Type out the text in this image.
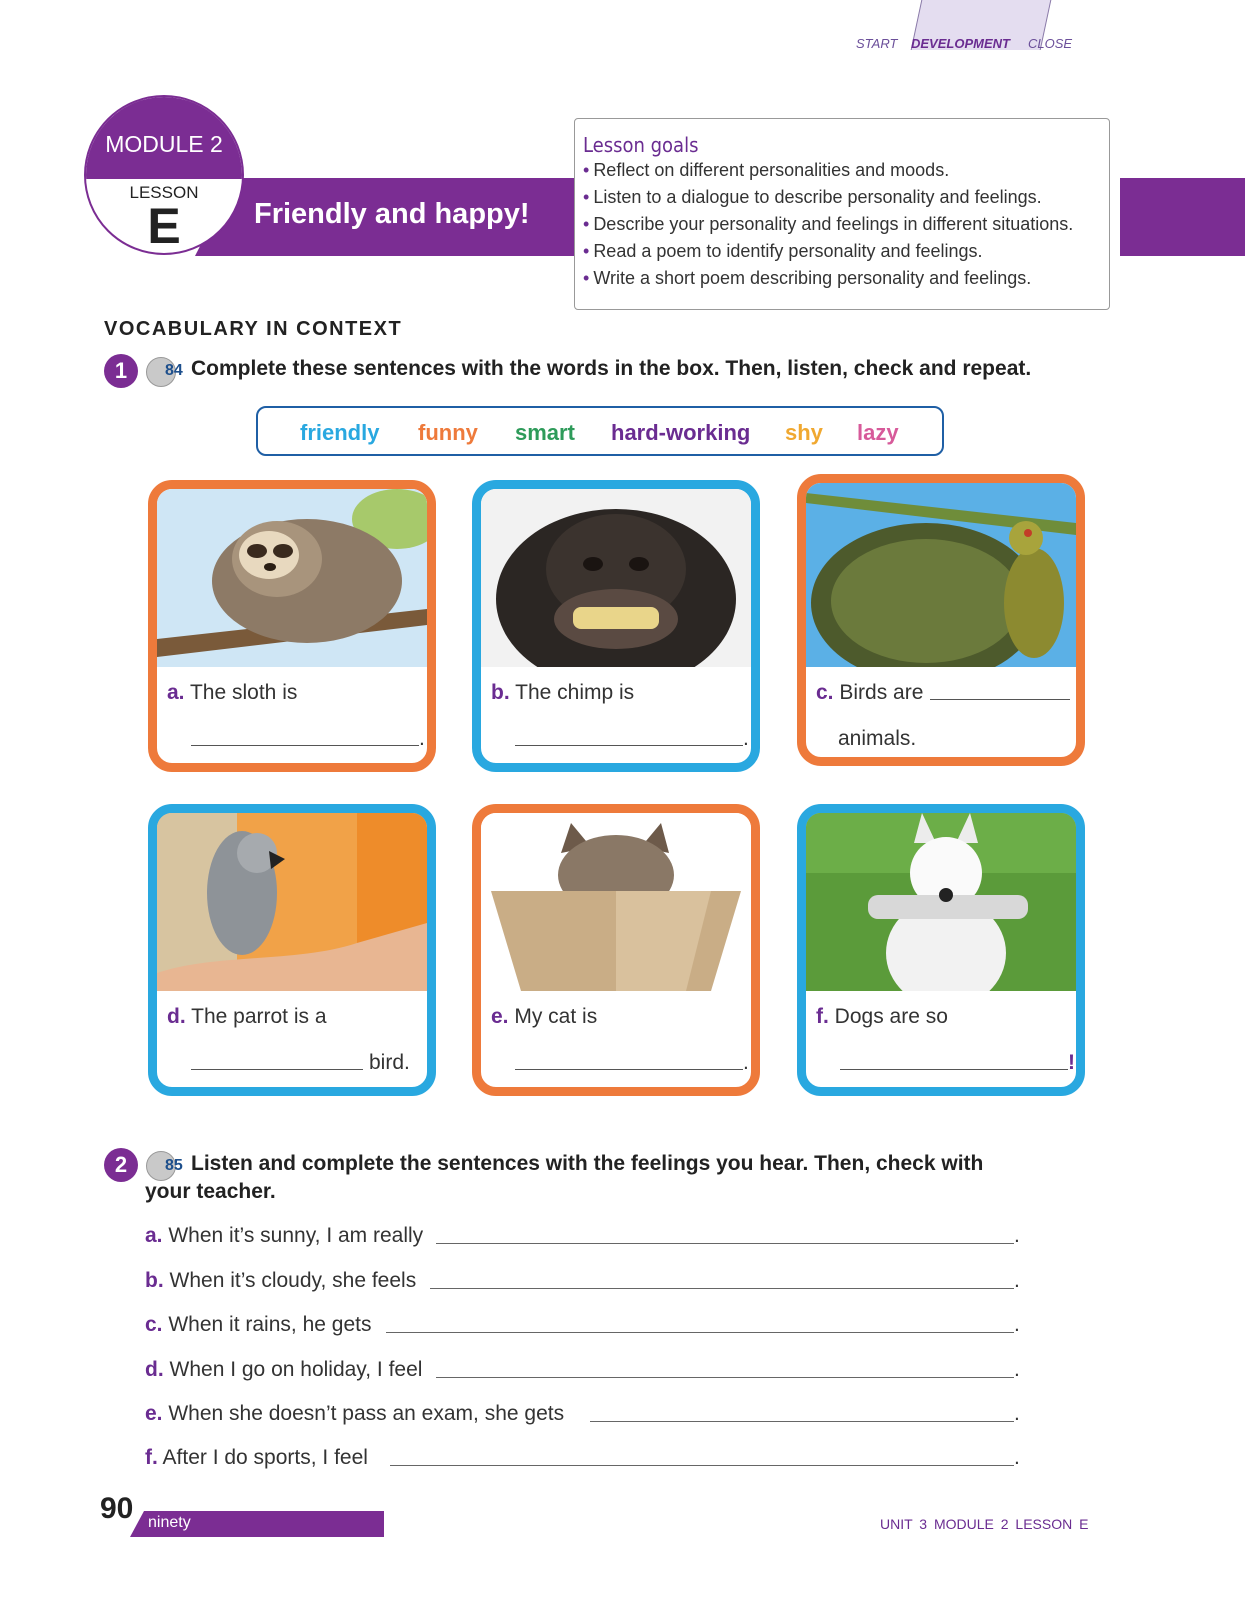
START DEVELOPMENT CLOSE
MODULE 2
LESSON
E	Friendly and happy!
Lesson goals
• Reflect on different personalities and moods.
• Listen to a dialogue to describe personality and feelings.
• Describe your personality and feelings in different situations.
• Read a poem to identify personality and feelings.
• Write a short poem describing personality and feelings.
VOCABULARY IN CONTEXT
1	84 Complete these sentences with the words in the box. Then, listen, check and repeat.
friendly funny smart hard-working shy lazy
a. The sloth is
.
b. The chimp is
.
c. Birds are
animals.
d. The parrot is a
bird.
e. My cat is
.
f. Dogs are so
!
2	85 Listen and complete the sentences with the feelings you hear. Then, check with
your teacher.
a. When it’s sunny, I am really	.
b. When it’s cloudy, she feels	.
c. When it rains, he gets	.
d. When I go on holiday, I feel	.
e. When she doesn’t pass an exam, she gets	.
f. After I do sports, I feel	.
90 ninety	UNIT 3 MODULE 2 LESSON E
